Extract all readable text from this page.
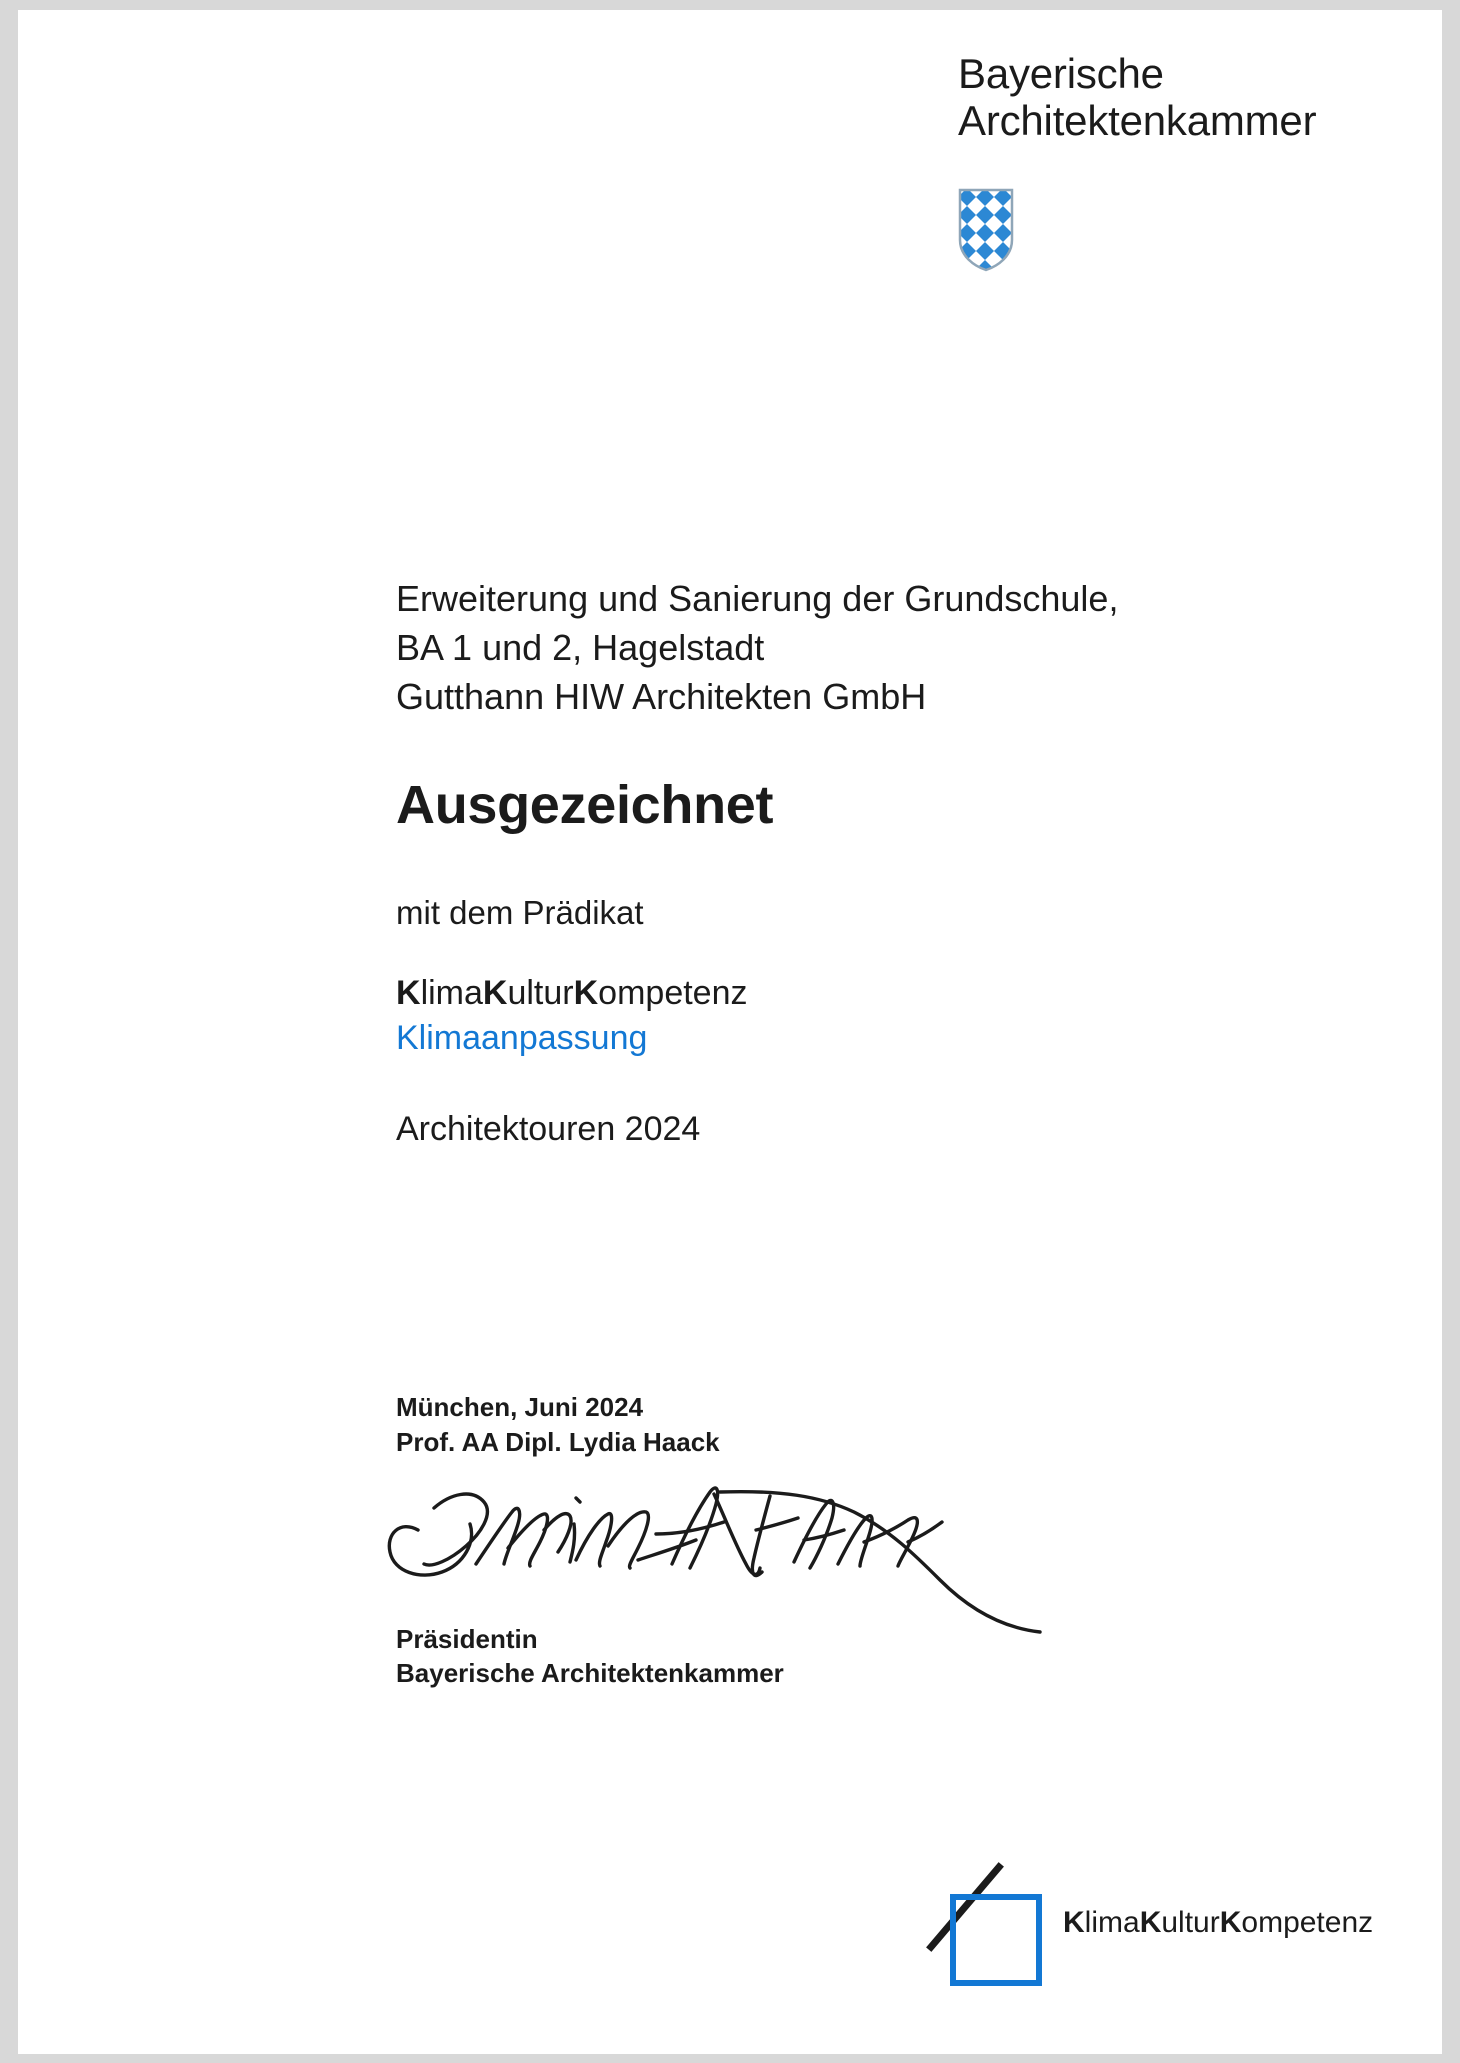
Bayerische
Architektenkammer
Erweiterung und Sanierung der Grundschule,
BA 1 und 2, Hagelstadt
Gutthann HIW Architekten GmbH
Ausgezeichnet
mit dem Prädikat
KlimaKulturKompetenz
Klimaanpassung
Architektouren 2024
München, Juni 2024
Prof. AA Dipl. Lydia Haack
Präsidentin
Bayerische Architektenkammer
KlimaKulturKompetenz
